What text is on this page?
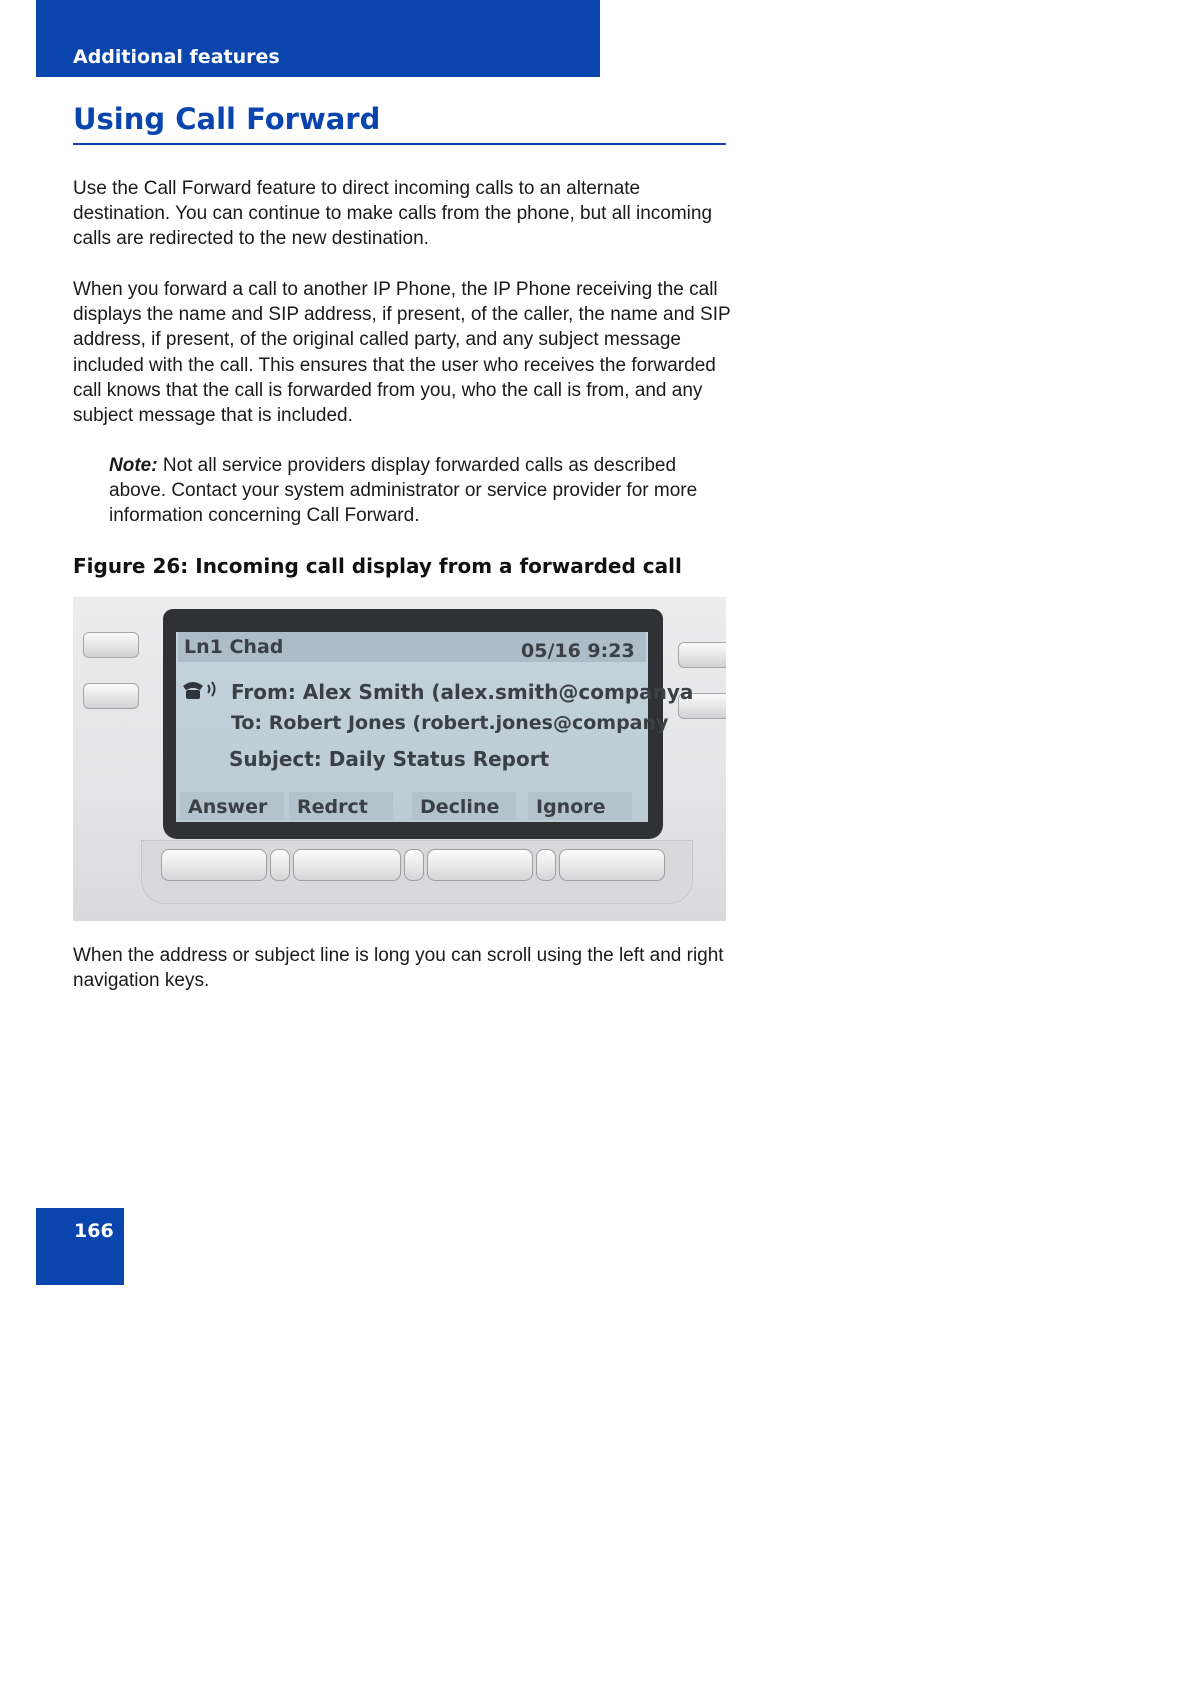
Additional features
Using Call Forward

Use the Call Forward feature to direct incoming calls to an alternate destination. You can continue to make calls from the phone, but all incoming calls are redirected to the new destination.

When you forward a call to another IP Phone, the IP Phone receiving the call displays the name and SIP address, if present, of the caller, the name and SIP address, if present, of the original called party, and any subject message included with the call. This ensures that the user who receives the forwarded call knows that the call is forwarded from you, who the call is from, and any subject message that is included.

Note: Not all service providers display forwarded calls as described above. Contact your system administrator or service provider for more information concerning Call Forward.

Figure 26: Incoming call display from a forwarded call
Ln1 Chad	05/16 9:23
From: Alex Smith (alex.smith@companya
To: Robert Jones (robert.jones@company
Subject: Daily Status Report
Answer	Redrct	Decline	Ignore

When the address or subject line is long you can scroll using the left and right navigation keys.

166
